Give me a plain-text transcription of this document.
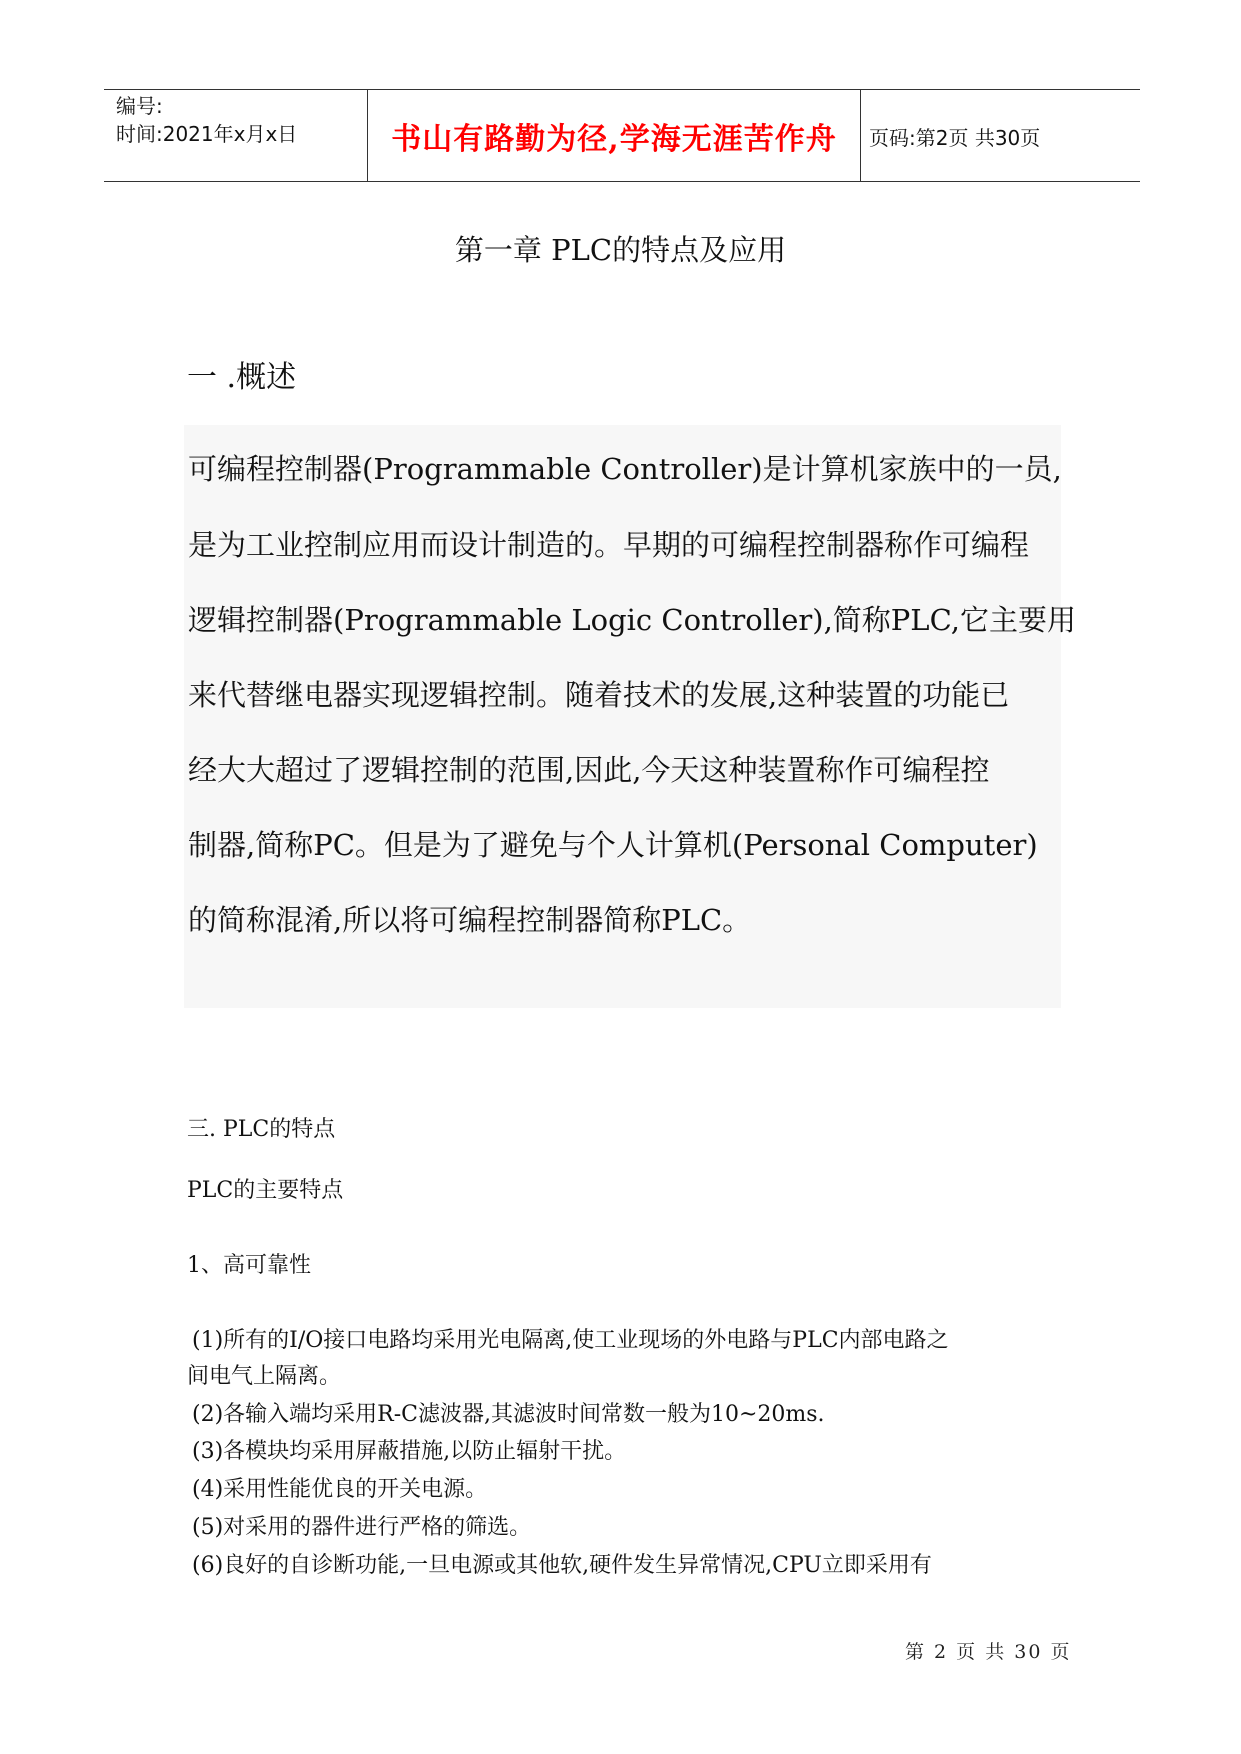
编号:
时间:2021年x月x日	书山有路勤为径,学海无涯苦作舟	页码:第2页 共30页
第一章 PLC的特点及应用
一 .概述
可编程控制器(Programmable Controller)是计算机家族中的一员,
是为工业控制应用而设计制造的。早期的可编程控制器称作可编程
逻辑控制器(Programmable Logic Controller),简称PLC,它主要用
来代替继电器实现逻辑控制。随着技术的发展,这种装置的功能已
经大大超过了逻辑控制的范围,因此,今天这种装置称作可编程控
制器,简称PC。但是为了避免与个人计算机(Personal Computer)
的简称混淆,所以将可编程控制器简称PLC。
三. PLC的特点
PLC的主要特点
1、高可靠性
(1)所有的I/O接口电路均采用光电隔离,使工业现场的外电路与PLC内部电路之
间电气上隔离。
(2)各输入端均采用R-C滤波器,其滤波时间常数一般为10~20ms.
(3)各模块均采用屏蔽措施,以防止辐射干扰。
(4)采用性能优良的开关电源。
(5)对采用的器件进行严格的筛选。
(6)良好的自诊断功能,一旦电源或其他软,硬件发生异常情况,CPU立即采用有
第 2 页 共 30 页
